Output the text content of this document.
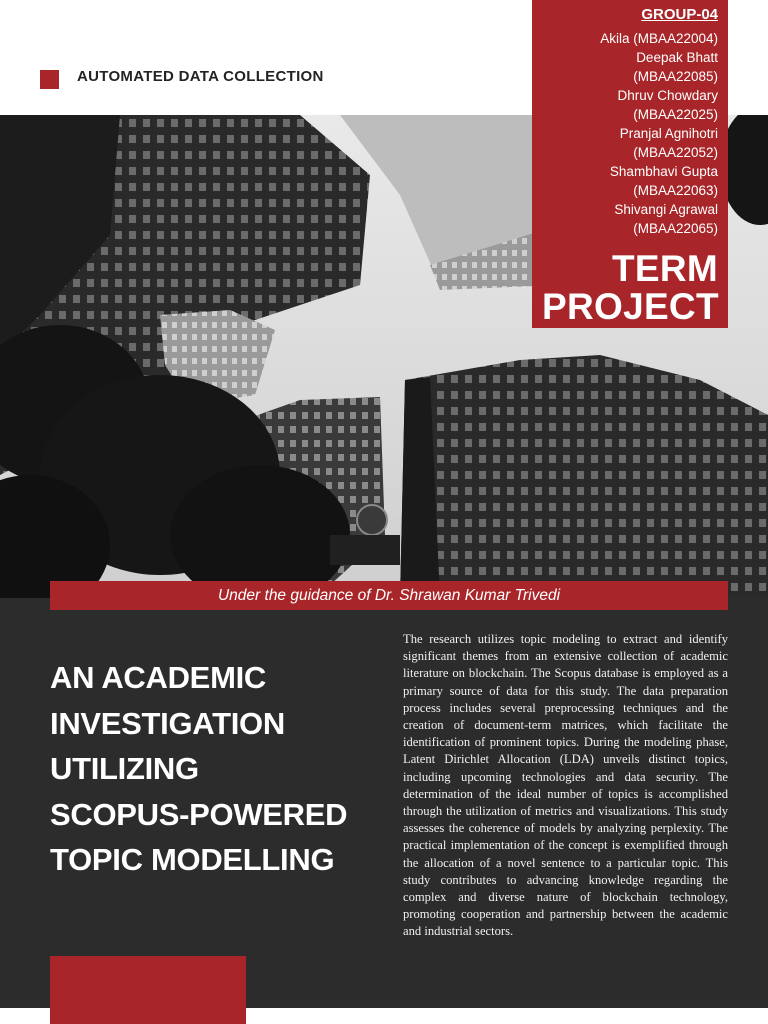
AUTOMATED DATA COLLECTION
GROUP-04
Akila (MBAA22004)
Deepak Bhatt
(MBAA22085)
Dhruv Chowdary
(MBAA22025)
Pranjal Agnihotri
(MBAA22052)
Shambhavi Gupta
(MBAA22063)
Shivangi Agrawal
(MBAA22065)
TERM
PROJECT
Under the guidance of Dr. Shrawan Kumar Trivedi
AN ACADEMIC
INVESTIGATION
UTILIZING
SCOPUS-POWERED
TOPIC MODELLING
The research utilizes topic modeling to extract and identify significant themes from an extensive collection of academic literature on blockchain. The Scopus database is employed as a primary source of data for this study. The data preparation process includes several preprocessing techniques and the creation of document-term matrices, which facilitate the identification of prominent topics. During the modeling phase, Latent Dirichlet Allocation (LDA) unveils distinct topics, including upcoming technologies and data security. The determination of the ideal number of topics is accomplished through the utilization of metrics and visualizations. This study assesses the coherence of models by analyzing perplexity. The practical implementation of the concept is exemplified through the allocation of a novel sentence to a particular topic. This study contributes to advancing knowledge regarding the complex and diverse nature of blockchain technology, promoting cooperation and partnership between the academic and industrial sectors.
